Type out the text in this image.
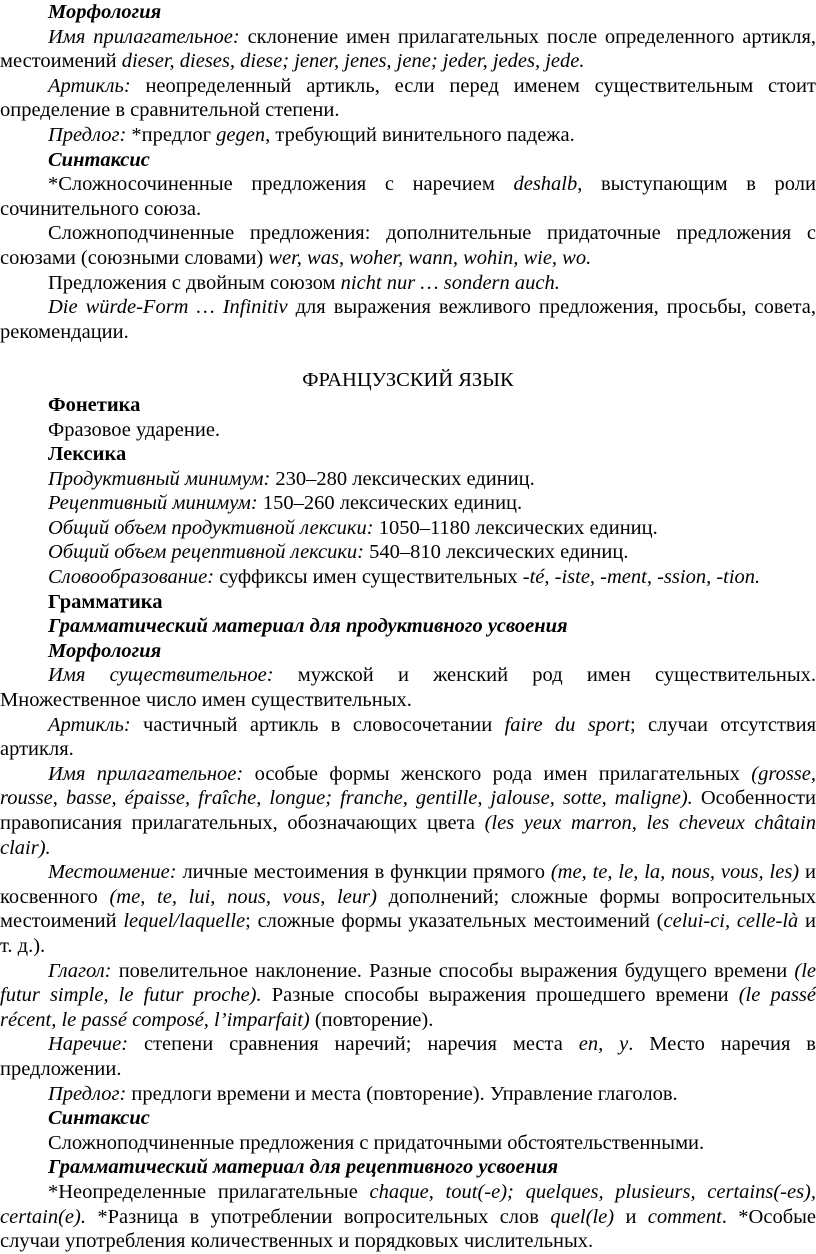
Морфология

Имя прилагательное: склонение имен прилагательных после определенного артикля, местоимений dieser, dieses, diese; jener, jenes, jene; jeder, jedes, jede.

Артикль: неопределенный артикль, если перед именем существительным стоит определение в сравнительной степени.

Предлог: *предлог gegen, требующий винительного падежа.

Синтаксис

*Сложносочиненные предложения с наречием deshalb, выступающим в роли сочинительного союза.

Сложноподчиненные предложения: дополнительные придаточные предложения с союзами (союзными словами) wer, was, woher, wann, wohin, wie, wo.

Предложения с двойным союзом nicht nur … sondern auch.

Die würde-Form … Infinitiv для выражения вежливого предложения, просьбы, совета, рекомендации.

ФРАНЦУЗСКИЙ ЯЗЫК

Фонетика

Фразовое ударение.

Лексика

Продуктивный минимум: 230–280 лексических единиц.

Рецептивный минимум: 150–260 лексических единиц.

Общий объем продуктивной лексики: 1050–1180 лексических единиц.

Общий объем рецептивной лексики: 540–810 лексических единиц.

Словообразование: суффиксы имен существительных -té, -iste, -ment, -ssion, -tion.

Грамматика

Грамматический материал для продуктивного усвоения

Морфология

Имя существительное: мужской и женский род имен существительных. Множественное число имен существительных.

Артикль: частичный артикль в словосочетании faire du sport; случаи отсутствия артикля.

Имя прилагательное: особые формы женского рода имен прилагательных (grosse, rousse, basse, épaisse, fraîche, longue; franche, gentille, jalouse, sotte, maligne). Особенности правописания прилагательных, обозначающих цвета (les yeux marron, les cheveux châtain clair).

Местоимение: личные местоимения в функции прямого (me, te, le, la, nous, vous, les) и косвенного (me, te, lui, nous, vous, leur) дополнений; сложные формы вопросительных местоимений lequel/laquelle; сложные формы указательных местоимений (celui-ci, celle-là и т. д.).

Глагол: повелительное наклонение. Разные способы выражения будущего времени (le futur simple, le futur proche). Разные способы выражения прошедшего времени (le passé récent, le passé composé, l’imparfait) (повторение).

Наречие: степени сравнения наречий; наречия места en, y. Место наречия в предложении.

Предлог: предлоги времени и места (повторение). Управление глаголов.

Синтаксис

Сложноподчиненные предложения с придаточными обстоятельственными.

Грамматический материал для рецептивного усвоения

*Неопределенные прилагательные chaque, tout(-e); quelques, plusieurs, certains(-es), certain(e). *Разница в употреблении вопросительных слов quel(le) и comment. *Особые случаи употребления количественных и порядковых числительных.
